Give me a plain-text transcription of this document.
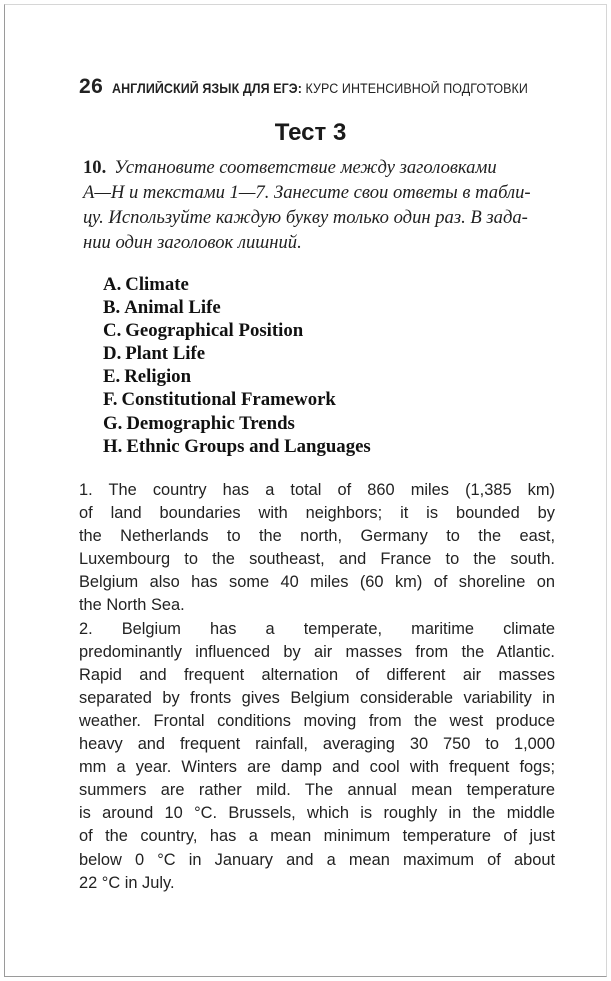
26 АНГЛИЙСКИЙ ЯЗЫК ДЛЯ ЕГЭ: КУРС ИНТЕНСИВНОЙ ПОДГОТОВКИ
Тест 3
10. Установите соответствие между заголовками
А—Н и текстами 1—7. Занесите свои ответы в табли-
цу. Используйте каждую букву только один раз. В зада-
нии один заголовок лишний.
A. Climate
B. Animal Life
C. Geographical Position
D. Plant Life
E. Religion
F. Constitutional Framework
G. Demographic Trends
H. Ethnic Groups and Languages
1. The country has a total of 860 miles (1,385 km)
of land boundaries with neighbors; it is bounded by
the Netherlands to the north, Germany to the east,
Luxembourg to the southeast, and France to the south.
Belgium also has some 40 miles (60 km) of shoreline on
the North Sea.
2. Belgium has a temperate, maritime climate
predominantly influenced by air masses from the Atlantic.
Rapid and frequent alternation of different air masses
separated by fronts gives Belgium considerable variability in
weather. Frontal conditions moving from the west produce
heavy and frequent rainfall, averaging 30 750 to 1,000
mm a year. Winters are damp and cool with frequent fogs;
summers are rather mild. The annual mean temperature
is around 10 °C. Brussels, which is roughly in the middle
of the country, has a mean minimum temperature of just
below 0 °C in January and a mean maximum of about
22 °C in July.
